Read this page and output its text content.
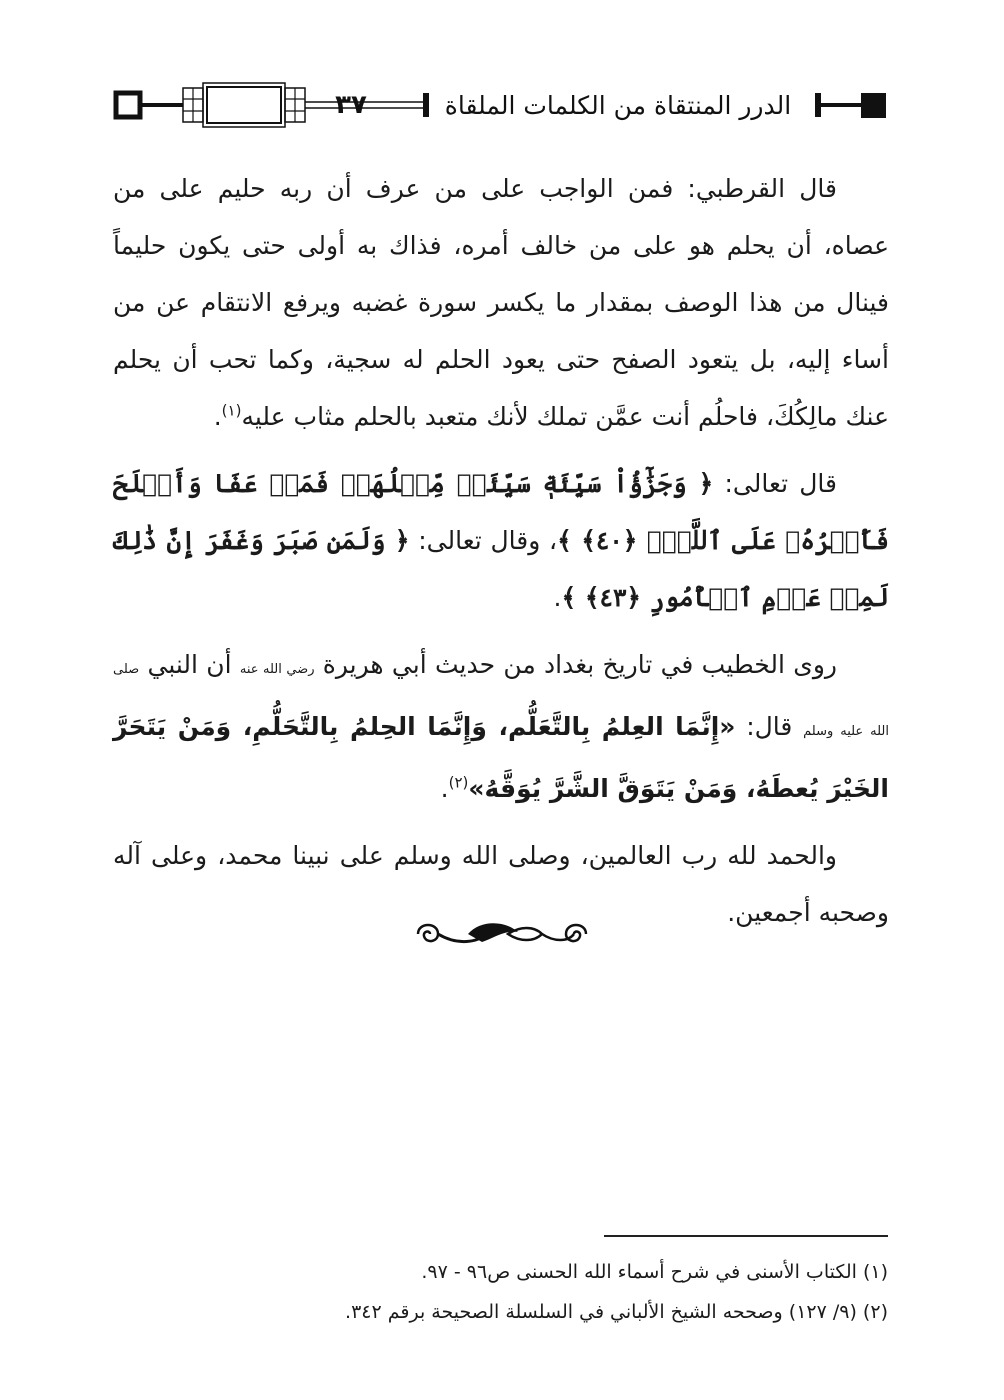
٣٧	الدرر المنتقاة من الكلمات الملقاة

قال القرطبي: فمن الواجب على من عرف أن ربه حليم على من عصاه، أن يحلم هو على من خالف أمره، فذاك به أولى حتى يكون حليماً فينال من هذا الوصف بمقدار ما يكسر سورة غضبه ويرفع الانتقام عن من أساء إليه، بل يتعود الصفح حتى يعود الحلم له سجية، وكما تحب أن يحلم عنك مالِكُكَ، فاحلُم أنت عمَّن تملك لأنك متعبد بالحلم مثاب عليه$^{(١)}$.

قال تعالى: ﴿ وَجَزَٰٓؤُاْ سَيِّئَةٖ سَيِّئَةٞ مِّثۡلُهَاۖ فَمَنۡ عَفَا وَأَصۡلَحَ فَأَجۡرُهُۥ عَلَى ٱللَّهِۚ ﴿٤٠﴾ ﴾، وقال تعالى: ﴿ وَلَمَن صَبَرَ وَغَفَرَ إِنَّ ذَٰلِكَ لَمِنۡ عَزۡمِ ٱلۡأُمُورِ ﴿٤٣﴾ ﴾.

روى الخطيب في تاريخ بغداد من حديث أبي هريرة رضي الله عنه أن النبي صلى الله عليه وسلم قال: «إِنَّمَا العِلمُ بِالتَّعَلُّم، وَإِنَّمَا الحِلمُ بِالتَّحَلُّمِ، وَمَنْ يَتَحَرَّ الخَيْرَ يُعطَهُ، وَمَنْ يَتَوَقَّ الشَّرَّ يُوَقَّهُ»$^{(٢)}$.

والحمد لله رب العالمين، وصلى الله وسلم على نبينا محمد، وعلى آله وصحبه أجمعين.

(١) الكتاب الأسنى في شرح أسماء الله الحسنى ص٩٦ - ٩٧.
(٢) (٩/ ١٢٧) وصححه الشيخ الألباني في السلسلة الصحيحة برقم ٣٤٢.
